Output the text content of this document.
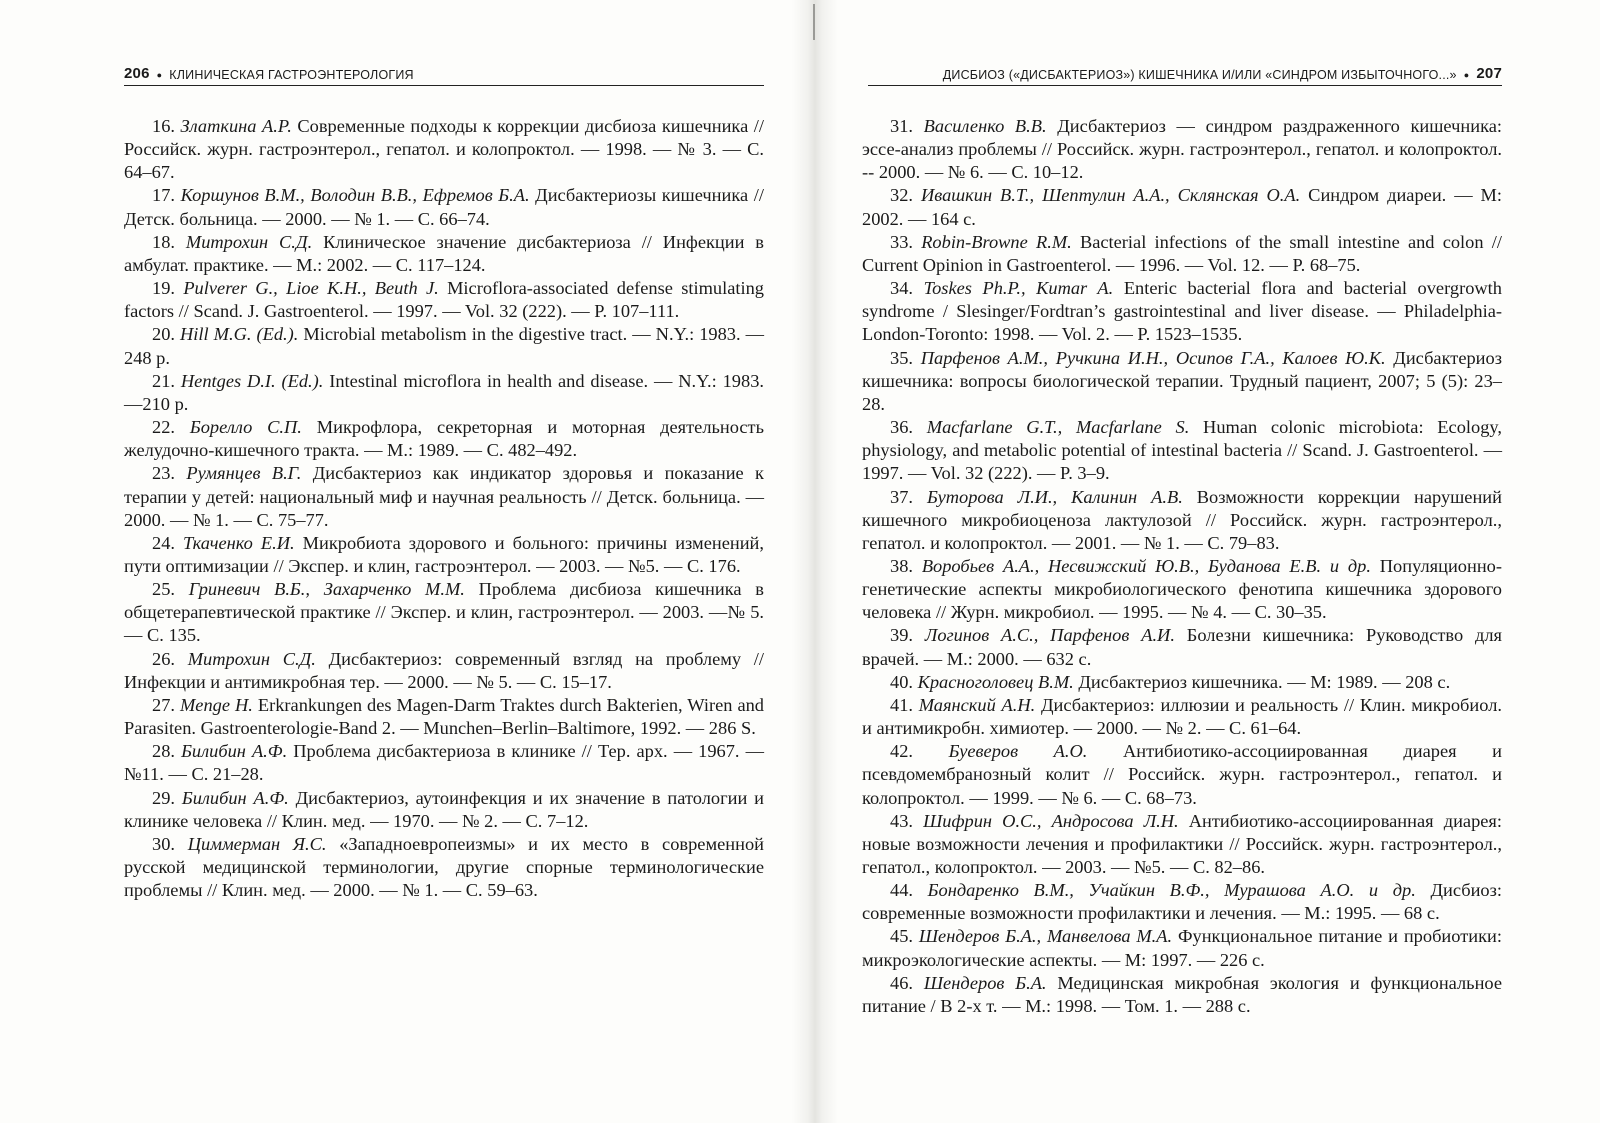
206 ● КЛИНИЧЕСКАЯ ГАСТРОЭНТЕРОЛОГИЯ

16. Златкина А.Р. Современные подходы к коррекции дисбиоза кишечника // Российск. журн. гастроэнтерол., гепатол. и колопроктол. — 1998. — № 3. — С. 64–67.

17. Коршунов В.М., Володин В.В., Ефремов Б.А. Дисбактериозы кишечника // Детск. больница. — 2000. — № 1. — С. 66–74.

18. Митрохин С.Д. Клиническое значение дисбактериоза // Инфекции в амбулат. практике. — М.: 2002. — С. 117–124.

19. Pulverer G., Lioe K.H., Beuth J. Microflora-associated defense stimulating factors // Scand. J. Gastroenterol. — 1997. — Vol. 32 (222). — P. 107–111.

20. Hill M.G. (Ed.). Microbial metabolism in the digestive tract. — N.Y.: 1983. — 248 p.

21. Hentges D.I. (Ed.). Intestinal microflora in health and disease. — N.Y.: 1983. —210 p.

22. Борелло С.П. Микрофлора, секреторная и моторная деятельность желудочно-кишечного тракта. — М.: 1989. — С. 482–492.

23. Румянцев В.Г. Дисбактериоз как индикатор здоровья и показание к терапии у детей: национальный миф и научная реальность // Детск. больница. — 2000. — № 1. — С. 75–77.

24. Ткаченко Е.И. Микробиота здорового и больного: причины изменений, пути оптимизации // Экспер. и клин, гастроэнтерол. — 2003. — №5. — С. 176.

25. Гриневич В.Б., Захарченко М.М. Проблема дисбиоза кишечника в общетерапевтической практике // Экспер. и клин, гастроэнтерол. — 2003. —№ 5. — С. 135.

26. Митрохин С.Д. Дисбактериоз: современный взгляд на проблему // Инфекции и антимикробная тер. — 2000. — № 5. — С. 15–17.

27. Menge H. Erkrankungen des Magen-Darm Traktes durch Bakterien, Wiren and Parasiten. Gastroenterologie-Band 2. — Munchen–Berlin–Baltimore, 1992. — 286 S.

28. Билибин А.Ф. Проблема дисбактериоза в клинике // Тер. арх. — 1967. — №11. — С. 21–28.

29. Билибин А.Ф. Дисбактериоз, аутоинфекция и их значение в патологии и клинике человека // Клин. мед. — 1970. — № 2. — С. 7–12.

30. Циммерман Я.С. «Западноевропеизмы» и их место в современной русской медицинской терминологии, другие спорные терминологические проблемы // Клин. мед. — 2000. — № 1. — С. 59–63.

ДИСБИОЗ («ДИСБАКТЕРИОЗ») КИШЕЧНИКА И/ИЛИ «СИНДРОМ ИЗБЫТОЧНОГО...» ● 207

31. Василенко В.В. Дисбактериоз — синдром раздраженного кишечника: эссе-анализ проблемы // Российск. журн. гастроэнтерол., гепатол. и колопроктол. -- 2000. — № 6. — С. 10–12.

32. Ивашкин В.Т., Шептулин А.А., Склянская О.А. Синдром диареи. — М: 2002. — 164 с.

33. Robin-Browne R.M. Bacterial infections of the small intestine and colon // Current Opinion in Gastroenterol. — 1996. — Vol. 12. — P. 68–75.

34. Toskes Ph.P., Kumar A. Enteric bacterial flora and bacterial overgrowth syndrome / Slesinger/Fordtran’s gastrointestinal and liver disease. — Philadelphia-London-Toronto: 1998. — Vol. 2. — P. 1523–1535.

35. Парфенов А.М., Ручкина И.Н., Осипов Г.А., Калоев Ю.К. Дисбактериоз кишечника: вопросы биологической терапии. Трудный пациент, 2007; 5 (5): 23–28.

36. Macfarlane G.T., Macfarlane S. Human colonic microbiota: Ecology, physiology, and metabolic potential of intestinal bacteria // Scand. J. Gastroenterol. — 1997. — Vol. 32 (222). — P. 3–9.

37. Буторова Л.И., Калинин А.В. Возможности коррекции нарушений кишечного микробиоценоза лактулозой // Российск. журн. гастроэнтерол., гепатол. и колопроктол. — 2001. — № 1. — С. 79–83.

38. Воробьев А.А., Несвижский Ю.В., Буданова Е.В. и др. Популяционно-генетические аспекты микробиологического фенотипа кишечника здорового человека // Журн. микробиол. — 1995. — № 4. — С. 30–35.

39. Логинов А.С., Парфенов А.И. Болезни кишечника: Руководство для врачей. — М.: 2000. — 632 с.

40. Красноголовец В.М. Дисбактериоз кишечника. — М: 1989. — 208 с.

41. Маянский А.Н. Дисбактериоз: иллюзии и реальность // Клин. микробиол. и антимикробн. химиотер. — 2000. — № 2. — С. 61–64.

42. Буеверов А.О. Антибиотико-ассоциированная диарея и псевдомембранозный колит // Российск. журн. гастроэнтерол., гепатол. и колопроктол. — 1999. — № 6. — С. 68–73.

43. Шифрин О.С., Андросова Л.Н. Антибиотико-ассоциированная диарея: новые возможности лечения и профилактики // Российск. журн. гастроэнтерол., гепатол., колопроктол. — 2003. — №5. — С. 82–86.

44. Бондаренко В.М., Учайкин В.Ф., Мурашова А.О. и др. Дисбиоз: современные возможности профилактики и лечения. — М.: 1995. — 68 с.

45. Шендеров Б.А., Манвелова М.А. Функциональное питание и пробиотики: микроэкологические аспекты. — М: 1997. — 226 с.

46. Шендеров Б.А. Медицинская микробная экология и функциональное питание / В 2-х т. — М.: 1998. — Том. 1. — 288 с.
